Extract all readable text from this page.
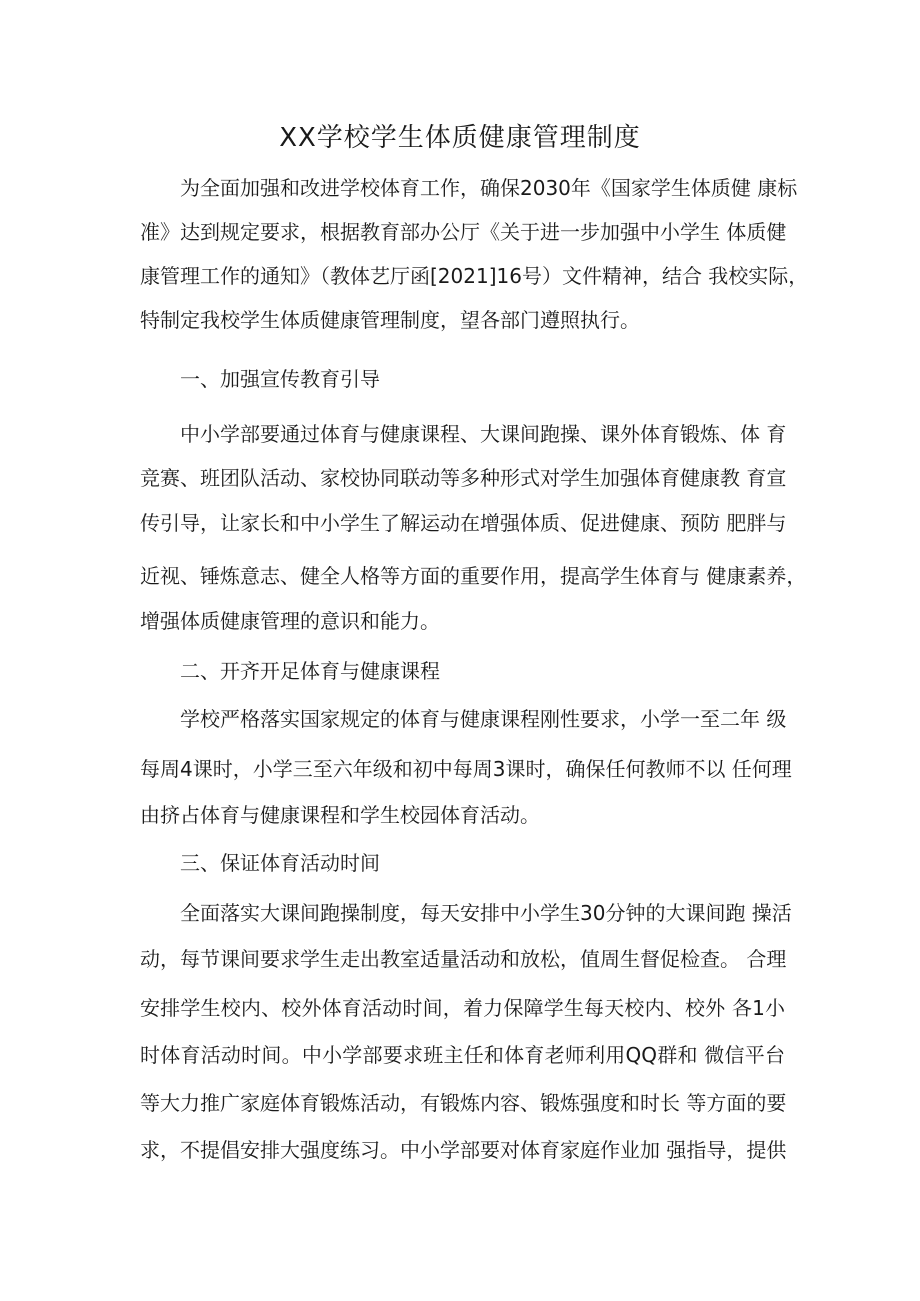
XX学校学生体质健康管理制度
为全面加强和改进学校体育工作，确保2030年《国家学生体质健 康标
准》达到规定要求，根据教育部办公厅《关于进一步加强中小学生 体质健
康管理工作的通知》（教体艺厅函[2021]16号）文件精神，结合 我校实际，
特制定我校学生体质健康管理制度，望各部门遵照执行。
一、加强宣传教育引导
中小学部要通过体育与健康课程、大课间跑操、课外体育锻炼、体 育
竞赛、班团队活动、家校协同联动等多种形式对学生加强体育健康教 育宣
传引导，让家长和中小学生了解运动在增强体质、促进健康、预防 肥胖与
近视、锤炼意志、健全人格等方面的重要作用，提高学生体育与 健康素养，
增强体质健康管理的意识和能力。
二、开齐开足体育与健康课程
学校严格落实国家规定的体育与健康课程刚性要求，小学一至二年 级
每周4课时，小学三至六年级和初中每周3课时，确保任何教师不以 任何理
由挤占体育与健康课程和学生校园体育活动。
三、保证体育活动时间
全面落实大课间跑操制度，每天安排中小学生30分钟的大课间跑 操活
动，每节课间要求学生走出教室适量活动和放松，值周生督促检查。 合理
安排学生校内、校外体育活动时间，着力保障学生每天校内、校外 各1小
时体育活动时间。中小学部要求班主任和体育老师利用QQ群和 微信平台
等大力推广家庭体育锻炼活动，有锻炼内容、锻炼强度和时长 等方面的要
求，不提倡安排大强度练习。中小学部要对体育家庭作业加 强指导，提供
